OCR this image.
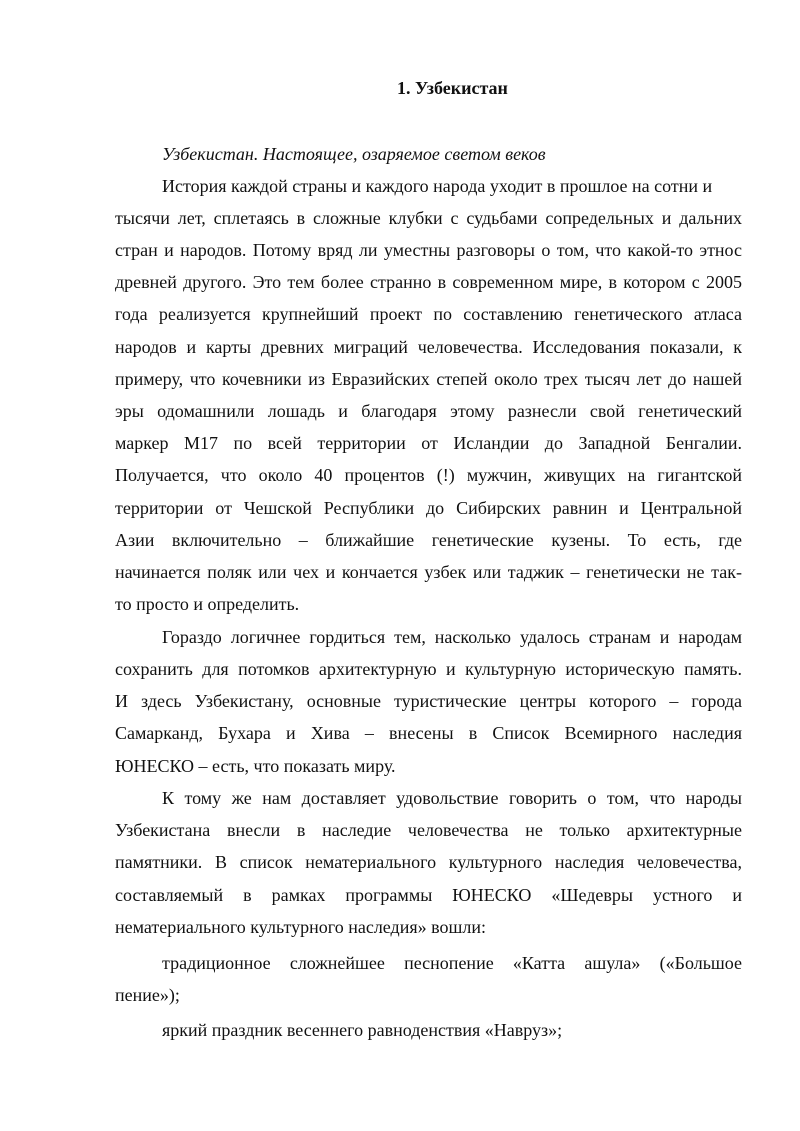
1. Узбекистан
Узбекистан. Настоящее, озаряемое светом веков
История каждой страны и каждого народа уходит в прошлое на сотни и
тысячи лет, сплетаясь в сложные клубки с судьбами сопредельных и дальних
стран и народов. Потому вряд ли уместны разговоры о том, что какой-то этнос
древней другого. Это тем более странно в современном мире, в котором с 2005
года реализуется крупнейший проект по составлению генетического атласа
народов и карты древних миграций человечества. Исследования показали, к
примеру, что кочевники из Евразийских степей около трех тысяч лет до нашей
эры одомашнили лошадь и благодаря этому разнесли свой генетический
маркер M17 по всей территории от Исландии до Западной Бенгалии.
Получается, что около 40 процентов (!) мужчин, живущих на гигантской
территории от Чешской Республики до Сибирских равнин и Центральной
Азии включительно – ближайшие генетические кузены. То есть, где
начинается поляк или чех и кончается узбек или таджик – генетически не так-
то просто и определить.
Гораздо логичнее гордиться тем, насколько удалось странам и народам
сохранить для потомков архитектурную и культурную историческую память.
И здесь Узбекистану, основные туристические центры которого – города
Самарканд, Бухара и Хива – внесены в Список Всемирного наследия
ЮНЕСКО – есть, что показать миру.
К тому же нам доставляет удовольствие говорить о том, что народы
Узбекистана внесли в наследие человечества не только архитектурные
памятники. В список нематериального культурного наследия человечества,
составляемый в рамках программы ЮНЕСКО «Шедевры устного и
нематериального культурного наследия» вошли:
традиционное сложнейшее песнопение «Катта ашула» («Большое
пение»);
яркий праздник весеннего равноденствия «Навруз»;
